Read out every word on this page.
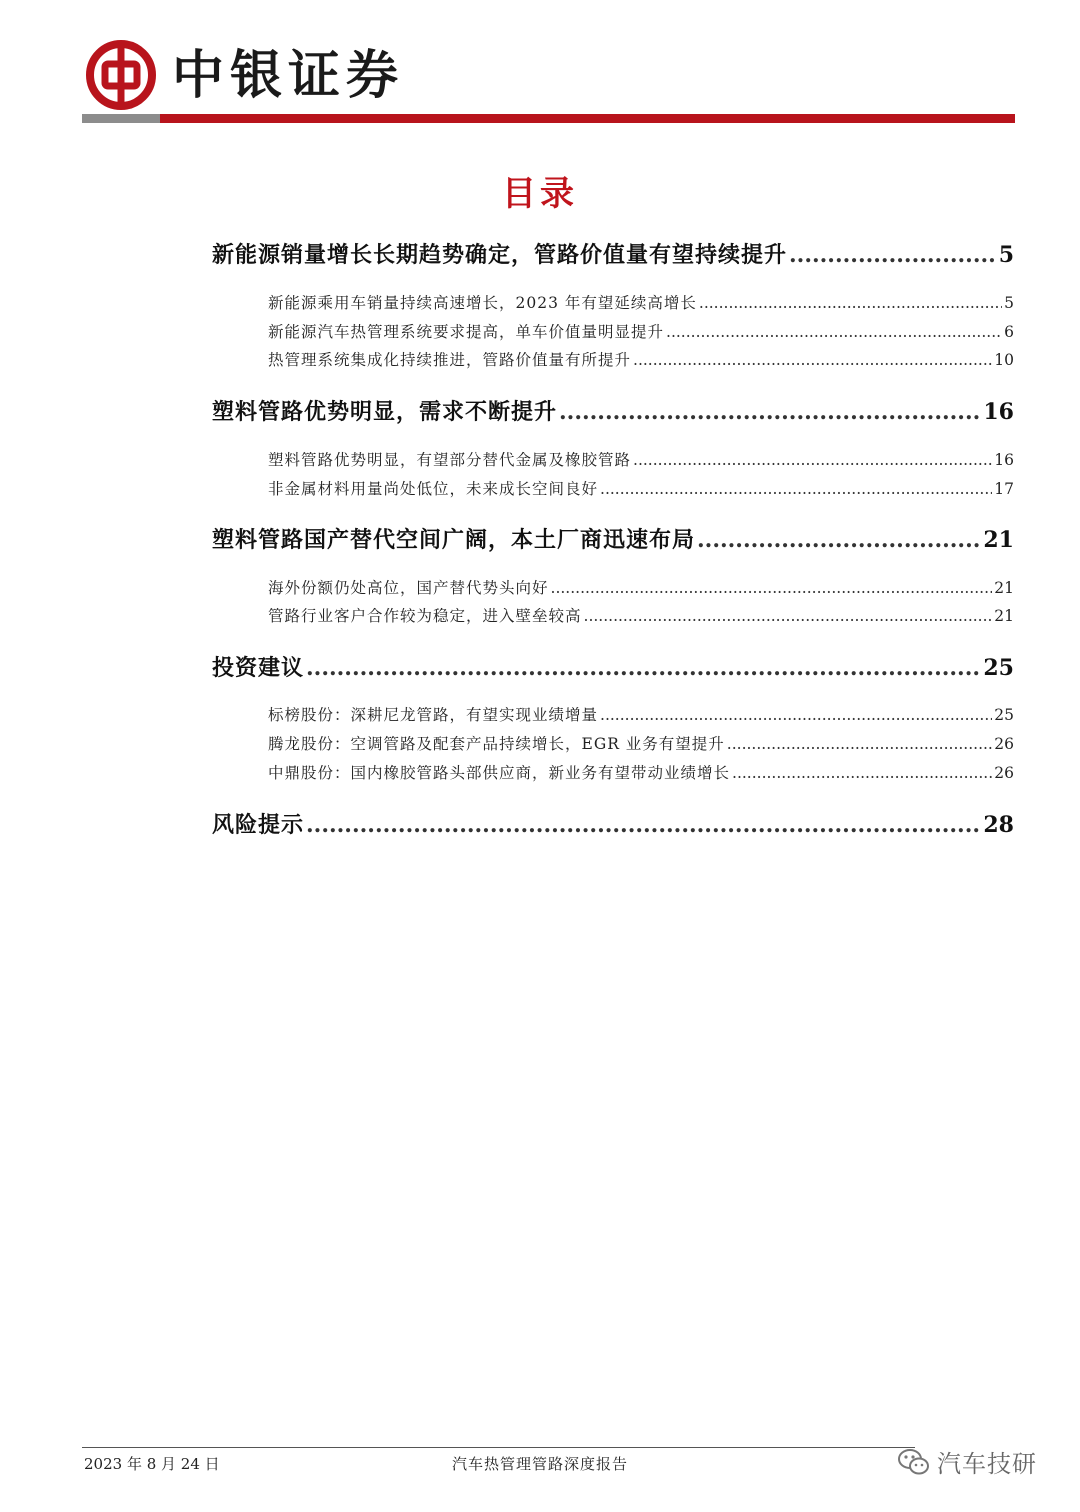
中银证券
目录
新能源销量增长长期趋势确定，管路价值量有望持续提升 .....	5
新能源乘用车销量持续高速增长，2023 年有望延续高增长 .....	5
新能源汽车热管理系统要求提高，单车价值量明显提升 .....	6
热管理系统集成化持续推进，管路价值量有所提升 .....	10
塑料管路优势明显，需求不断提升 .....	16
塑料管路优势明显，有望部分替代金属及橡胶管路 .....	16
非金属材料用量尚处低位，未来成长空间良好 .....	17
塑料管路国产替代空间广阔，本土厂商迅速布局 .....	21
海外份额仍处高位，国产替代势头向好 .....	21
管路行业客户合作较为稳定，进入壁垒较高 .....	21
投资建议 .....	25
标榜股份：深耕尼龙管路，有望实现业绩增量 .....	25
腾龙股份：空调管路及配套产品持续增长，EGR 业务有望提升 .....	26
中鼎股份：国内橡胶管路头部供应商，新业务有望带动业绩增长 .....	26
风险提示 .....	28
2023 年 8 月 24 日	汽车热管理管路深度报告	汽车技研
